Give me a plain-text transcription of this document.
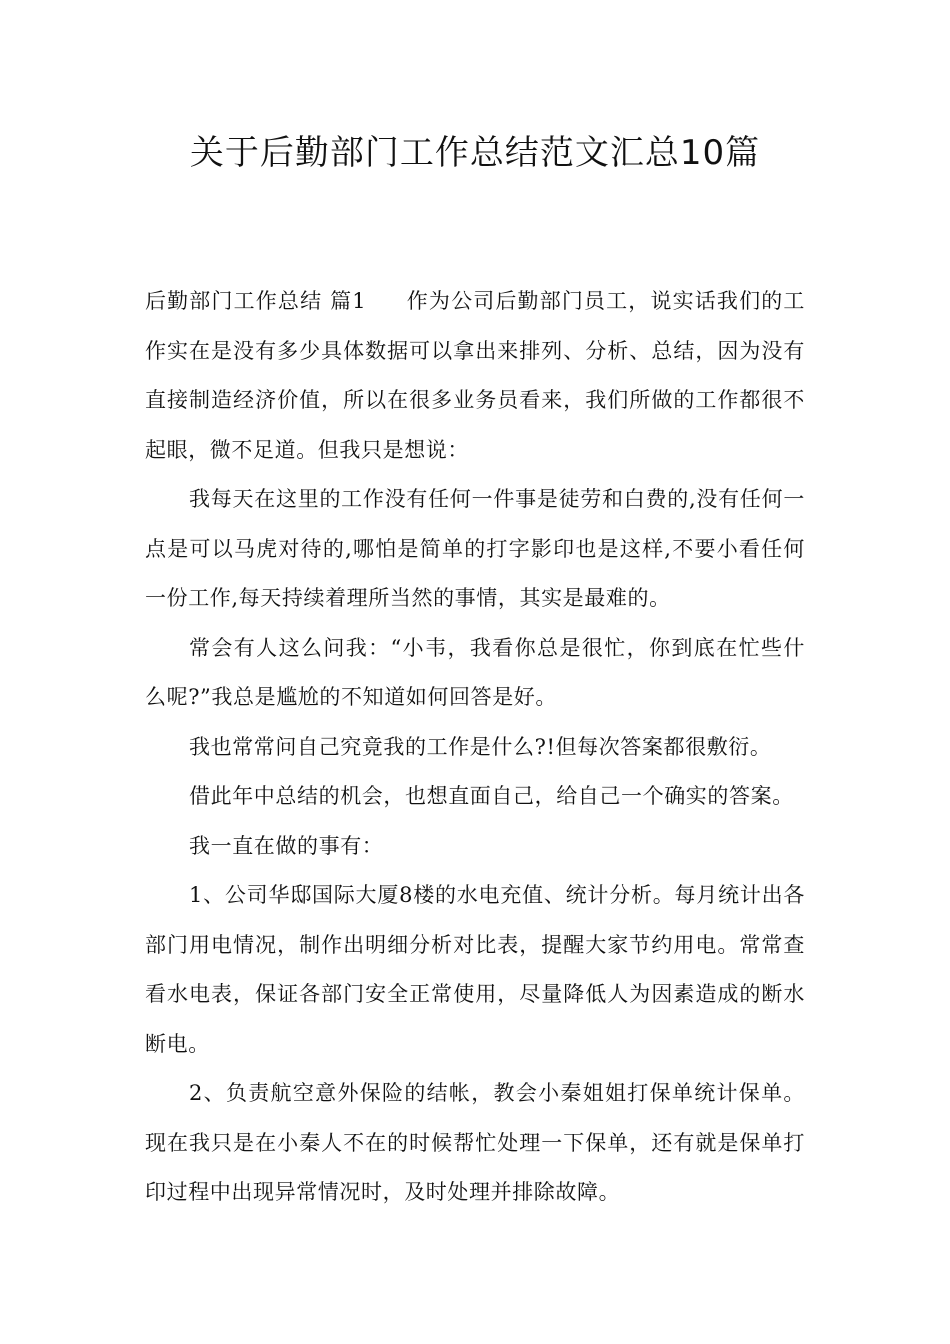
关于后勤部门工作总结范文汇总10篇

后勤部门工作总结 篇1 作为公司后勤部门员工，说实话我们的工作实在是没有多少具体数据可以拿出来排列、分析、总结，因为没有直接制造经济价值，所以在很多业务员看来，我们所做的工作都很不起眼，微不足道。但我只是想说：

我每天在这里的工作没有任何一件事是徒劳和白费的,没有任何一点是可以马虎对待的,哪怕是简单的打字影印也是这样,不要小看任何一份工作,每天持续着理所当然的事情，其实是最难的。

常会有人这么问我：“小韦，我看你总是很忙，你到底在忙些什么呢?”我总是尴尬的不知道如何回答是好。

我也常常问自己究竟我的工作是什么?!但每次答案都很敷衍。

借此年中总结的机会，也想直面自己，给自己一个确实的答案。

我一直在做的事有：

1、公司华邸国际大厦8楼的水电充值、统计分析。每月统计出各部门用电情况，制作出明细分析对比表，提醒大家节约用电。常常查看水电表，保证各部门安全正常使用，尽量降低人为因素造成的断水断电。

2、负责航空意外保险的结帐，教会小秦姐姐打保单统计保单。现在我只是在小秦人不在的时候帮忙处理一下保单，还有就是保单打印过程中出现异常情况时，及时处理并排除故障。
